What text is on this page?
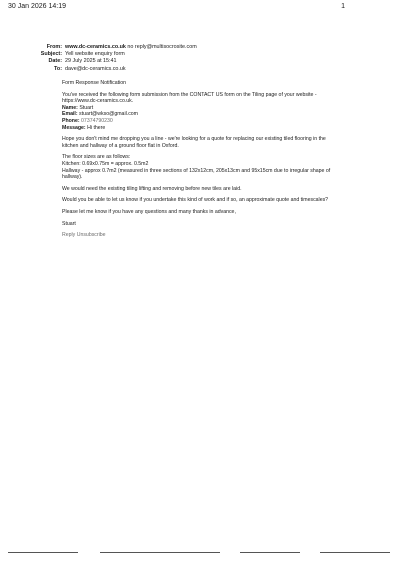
30 Jan 2026 14:19	1
From: www.dc-ceramics.co.uk no reply@multisocrosite.com
Subject: Yell website enquiry form
Date: 29 July 2025 at 15:41
To: dave@dc-ceramics.co.uk

Form Response Notification

You've received the following form submission from the CONTACT US form on the Tiling page of your website - https://www.dc-ceramics.co.uk.

Name: Stuart
Email: stuart@wkso@gmail.com
Phone: 07374790230
Message: Hi there

Hope you don't mind me dropping you a line - we're looking for a quote for replacing our existing tiled flooring in the kitchen and hallway of a ground floor flat in Oxford.

The floor sizes are as follows:
Kitchen: 0.69x0.75m = approx. 0.5m2
Hallway - approx 0.7m2 (measured in three sections of 132x12cm, 205x13cm and 95x15cm due to irregular shape of hallway).

We would need the existing tiling lifting and removing before new tiles are laid.

Would you be able to let us know if you undertake this kind of work and if so, an approximate quote and timescales?

Please let me know if you have any questions and many thanks in advance,

Stuart

Reply Unsubscribe
